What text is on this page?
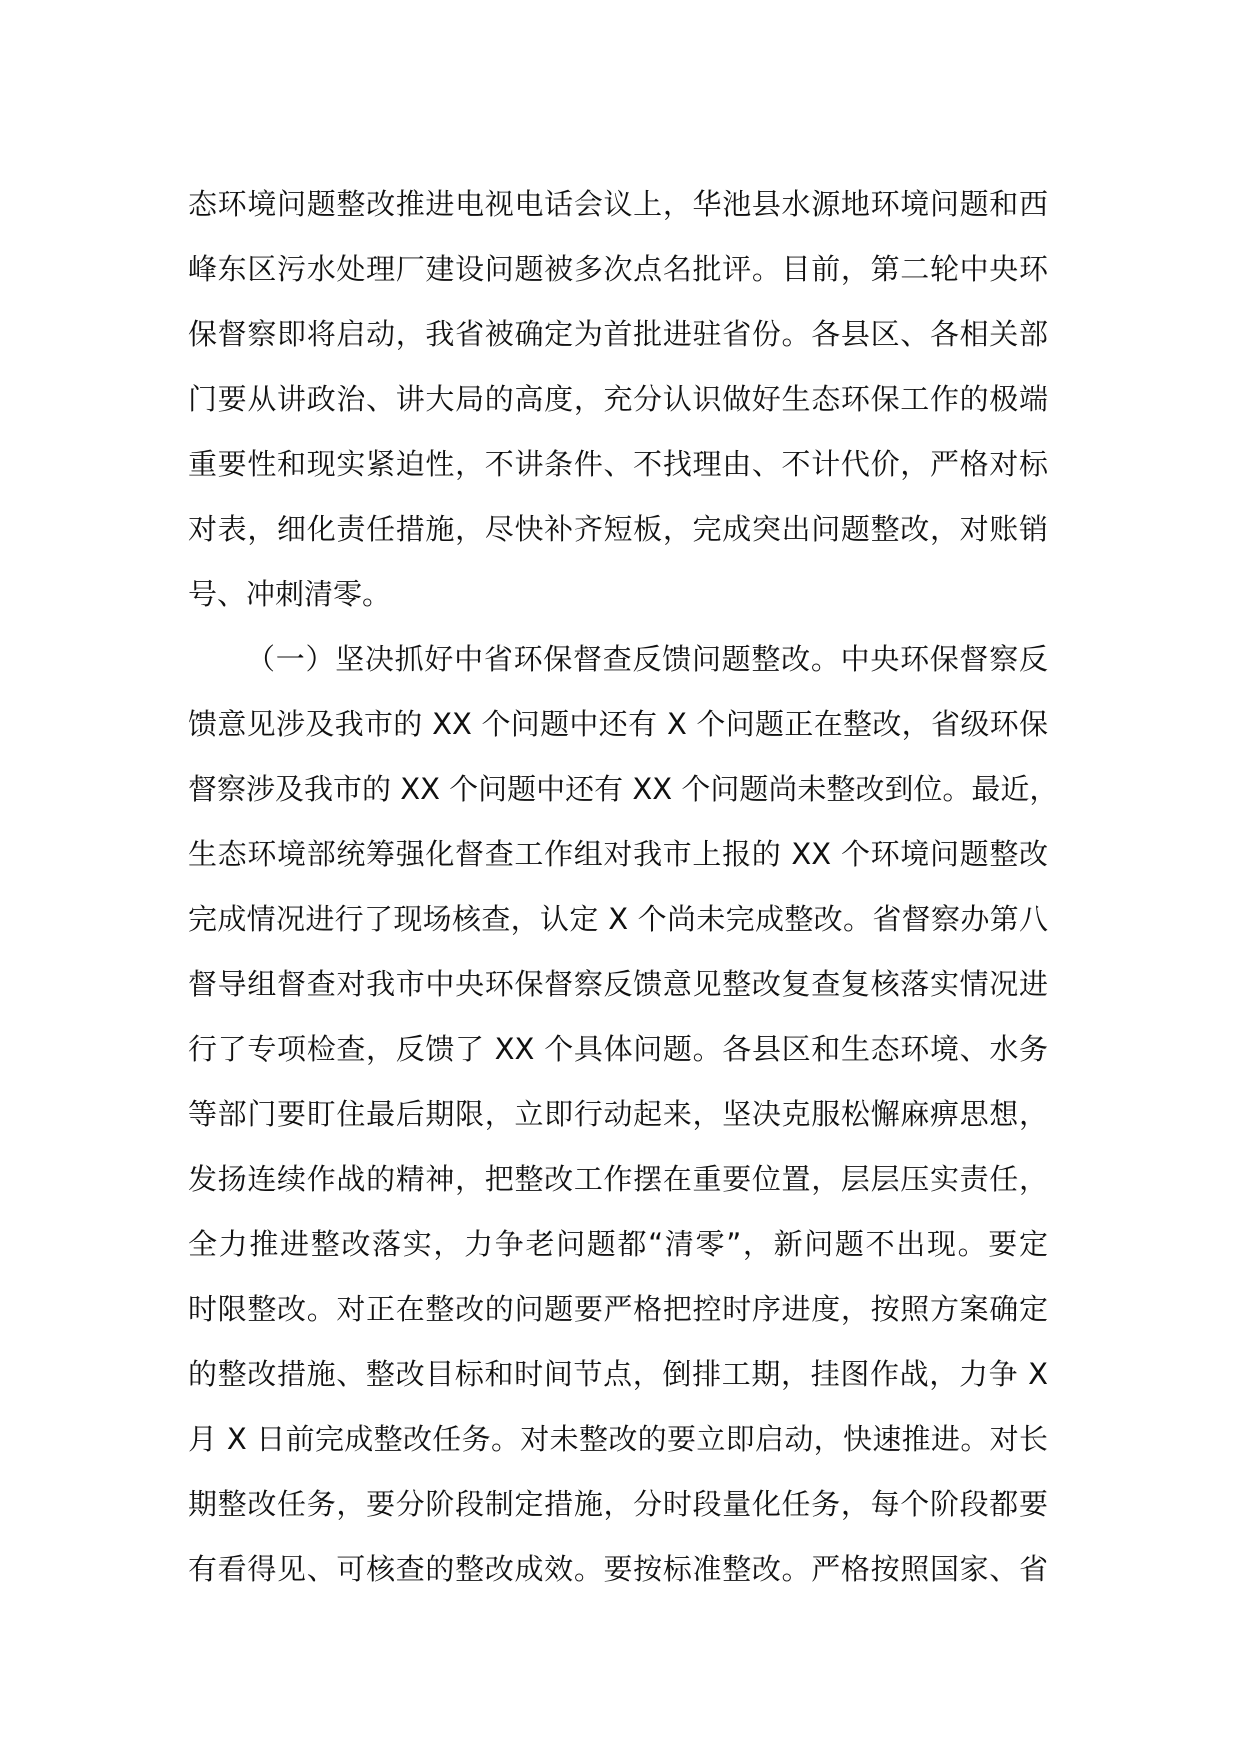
态环境问题整改推进电视电话会议上，华池县水源地环境问题和西
峰东区污水处理厂建设问题被多次点名批评。目前，第二轮中央环
保督察即将启动，我省被确定为首批进驻省份。各县区、各相关部
门要从讲政治、讲大局的高度，充分认识做好生态环保工作的极端
重要性和现实紧迫性，不讲条件、不找理由、不计代价，严格对标
对表，细化责任措施，尽快补齐短板，完成突出问题整改，对账销
号、冲刺清零。
（一）坚决抓好中省环保督查反馈问题整改。中央环保督察反
馈意见涉及我市的 XX 个问题中还有 X 个问题正在整改，省级环保
督察涉及我市的 XX 个问题中还有 XX 个问题尚未整改到位。最近，
生态环境部统筹强化督查工作组对我市上报的 XX 个环境问题整改
完成情况进行了现场核查，认定 X 个尚未完成整改。省督察办第八
督导组督查对我市中央环保督察反馈意见整改复查复核落实情况进
行了专项检查，反馈了 XX 个具体问题。各县区和生态环境、水务
等部门要盯住最后期限，立即行动起来，坚决克服松懈麻痹思想，
发扬连续作战的精神，把整改工作摆在重要位置，层层压实责任，
全力推进整改落实，力争老问题都“清零”，新问题不出现。要定
时限整改。对正在整改的问题要严格把控时序进度，按照方案确定
的整改措施、整改目标和时间节点，倒排工期，挂图作战，力争 X
月 X 日前完成整改任务。对未整改的要立即启动，快速推进。对长
期整改任务，要分阶段制定措施，分时段量化任务，每个阶段都要
有看得见、可核查的整改成效。要按标准整改。严格按照国家、省
